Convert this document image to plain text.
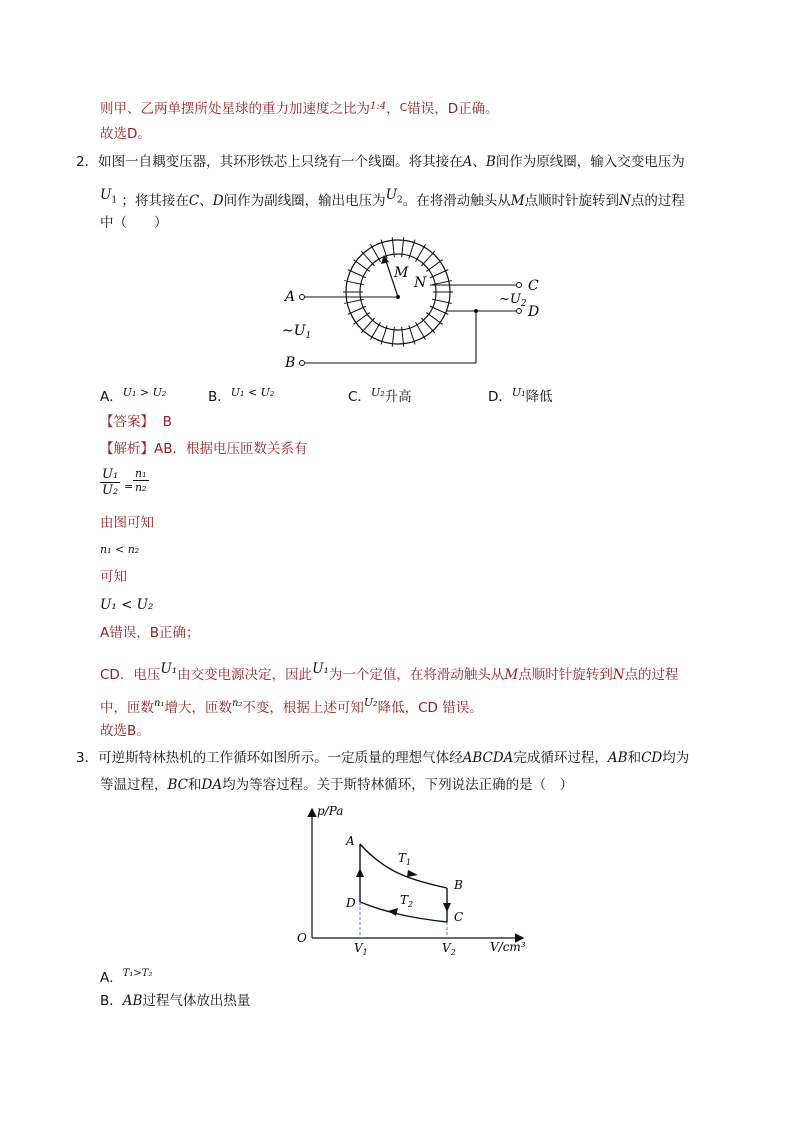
则甲、乙两单摆所处星球的重力加速度之比为$^{1:4}$，C错误，D正确。
故选D。
2．如图一自耦变压器，其环形铁芯上只绕有一个线圈。将其接在A、B间作为原线圈，输入交变电压为
$U_1$ ；将其接在C、D间作为副线圈，输出电压为$U_2$。在将滑动触头从M点顺时针旋转到N点的过程
中（　　）
A
B
C
D
M
N
$\sim U_1$
$\sim U_2$
A．$^{U_1 > U_2}$	B．$^{U_1 < U_2}$	C．$^{U_2}$升高	D．$^{U_1}$降低
【答案】 B
【解析】AB．根据电压匝数关系有
$\frac{\text{U₁}}{\text{U₂}} = \frac{\text{n₁}}{\text{n₂}}$
由图可知
n₁ < n₂
可知
U₁ < U₂
A错误，B正确；
CD．电压U₁由交变电源决定，因此U₁为一个定值，在将滑动触头从M点顺时针旋转到N点的过程
中，匝数$^{n_1}$增大，匝数$^{n_2}$不变，根据上述可知$^{U_2}$降低，CD 错误。
故选B。
3．可逆斯特林热机的工作循环如图所示。一定质量的理想气体经ABCDA完成循环过程，AB和CD均为
等温过程，BC和DA均为等容过程。关于斯特林循环，下列说法正确的是（　）
p/Pa
V/cm³
O
A
B
C
D
$T_1$
$T_2$
$V_1$	$V_2$
A．$^{T_1>T_2}$
B．AB过程气体放出热量
